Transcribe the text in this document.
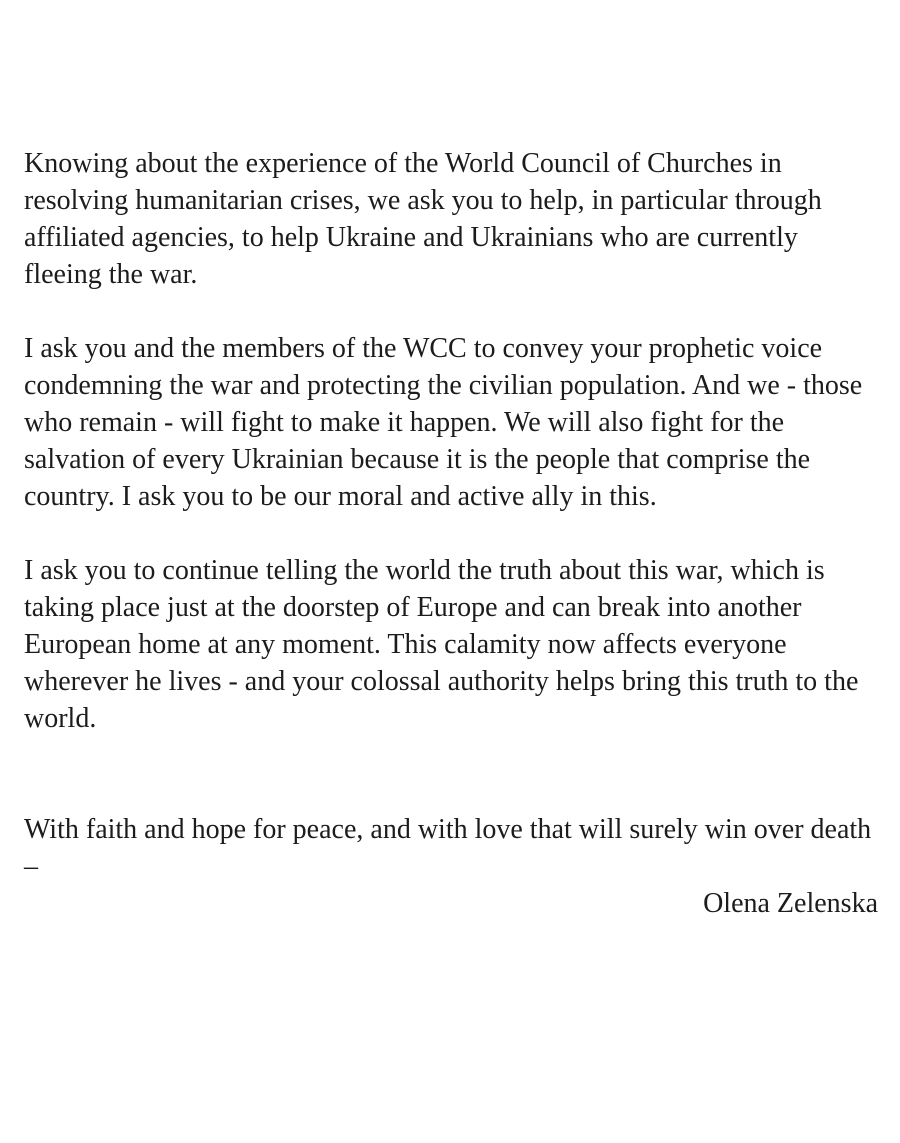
Knowing about the experience of the World Council of Churches in resolving humanitarian crises, we ask you to help, in particular through affiliated agencies, to help Ukraine and Ukrainians who are currently fleeing the war.

I ask you and the members of the WCC to convey your prophetic voice condemning the war and protecting the civilian population. And we - those who remain - will fight to make it happen. We will also fight for the salvation of every Ukrainian because it is the people that comprise the country. I ask you to be our moral and active ally in this.

I ask you to continue telling the world the truth about this war, which is taking place just at the doorstep of Europe and can break into another European home at any moment. This calamity now affects everyone wherever he lives - and your colossal authority helps bring this truth to the world.

With faith and hope for peace, and with love that will surely win over death –

Olena Zelenska
